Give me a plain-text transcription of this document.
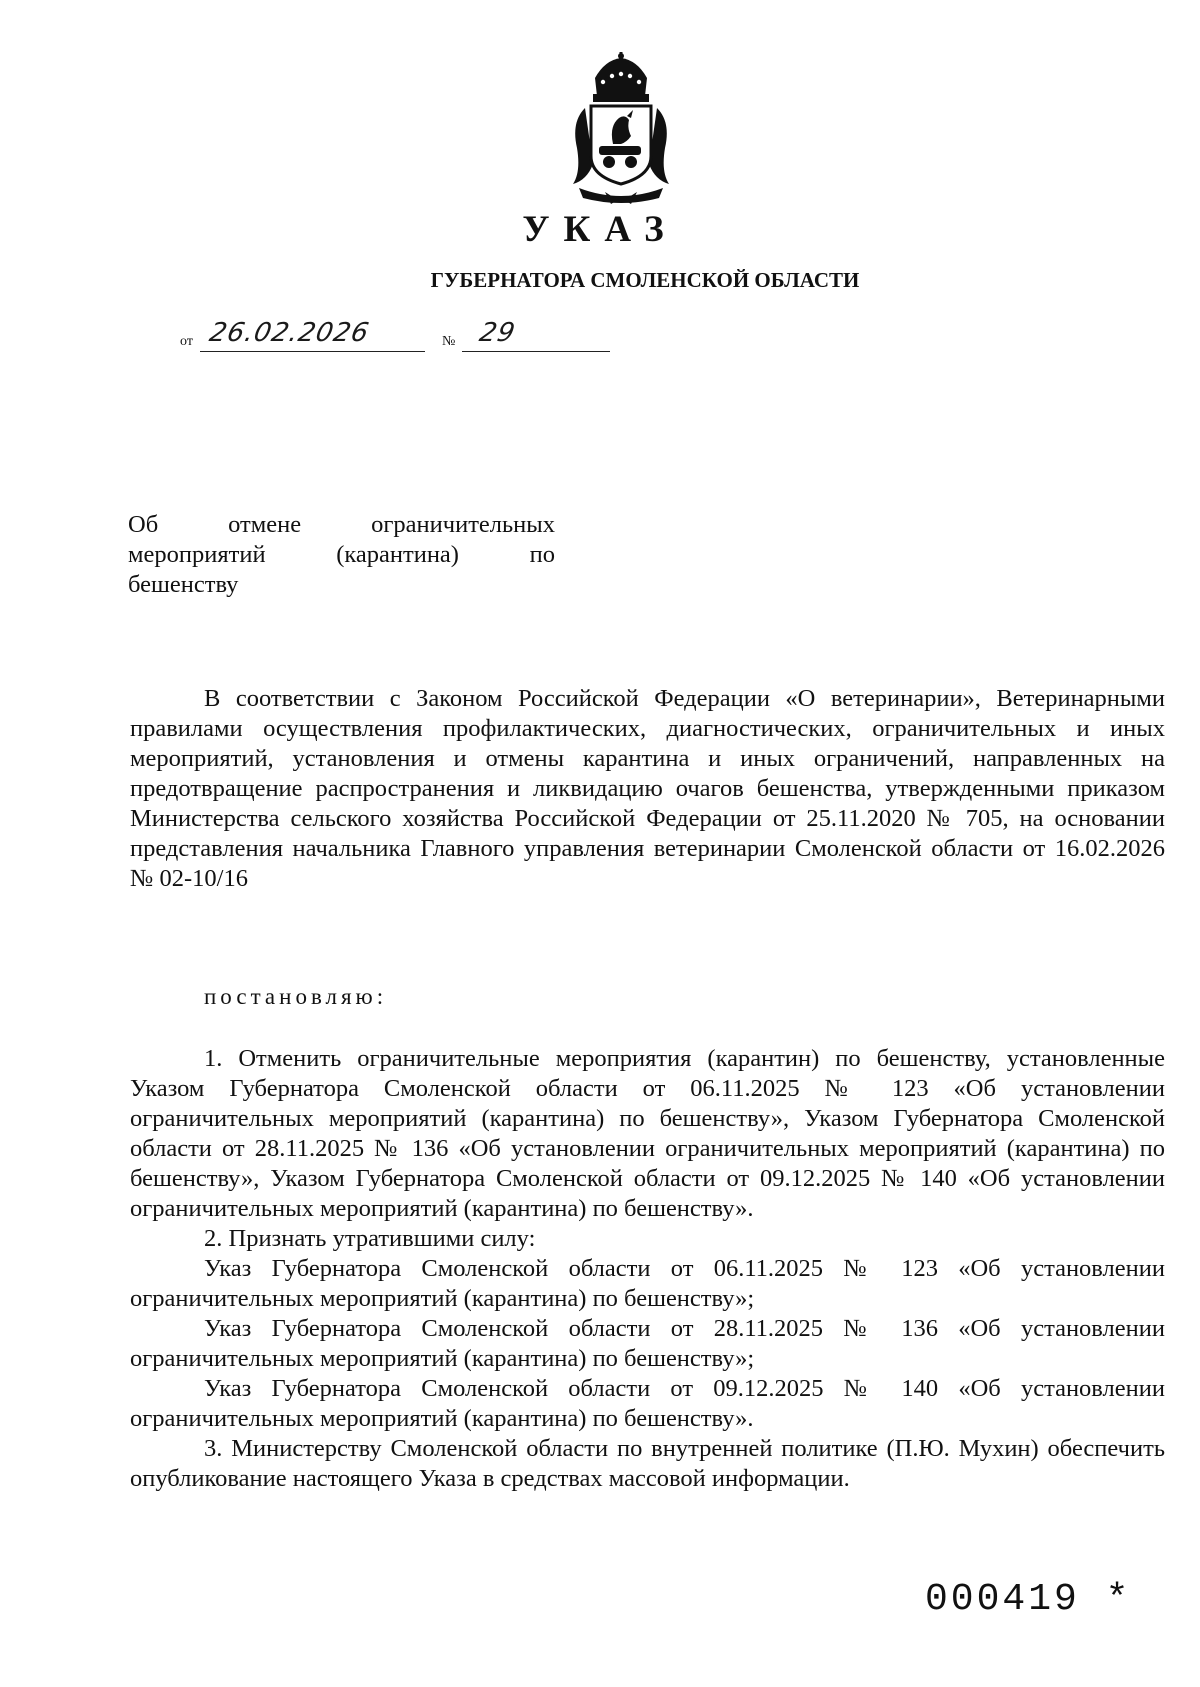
УКАЗ
ГУБЕРНАТОРА СМОЛЕНСКОЙ ОБЛАСТИ
от 26.02.2026	№ 29
Об отмене ограничительных
мероприятий (карантина) по
бешенству

В соответствии с Законом Российской Федерации «О ветеринарии», Ветеринарными правилами осуществления профилактических, диагностических, ограничительных и иных мероприятий, установления и отмены карантина и иных ограничений, направленных на предотвращение распространения и ликвидацию очагов бешенства, утвержденными приказом Министерства сельского хозяйства Российской Федерации от 25.11.2020 № 705, на основании представления начальника Главного управления ветеринарии Смоленской области от 16.02.2026 № 02-10/16

постановляю:

1. Отменить ограничительные мероприятия (карантин) по бешенству, установленные Указом Губернатора Смоленской области от 06.11.2025 № 123 «Об установлении ограничительных мероприятий (карантина) по бешенству», Указом Губернатора Смоленской области от 28.11.2025 № 136 «Об установлении ограничительных мероприятий (карантина) по бешенству», Указом Губернатора Смоленской области от 09.12.2025 № 140 «Об установлении ограничительных мероприятий (карантина) по бешенству».

2. Признать утратившими силу:

Указ Губернатора Смоленской области от 06.11.2025 № 123 «Об установлении ограничительных мероприятий (карантина) по бешенству»;

Указ Губернатора Смоленской области от 28.11.2025 № 136 «Об установлении ограничительных мероприятий (карантина) по бешенству»;

Указ Губернатора Смоленской области от 09.12.2025 № 140 «Об установлении ограничительных мероприятий (карантина) по бешенству».

3. Министерству Смоленской области по внутренней политике (П.Ю. Мухин) обеспечить опубликование настоящего Указа в средствах массовой информации.

000419 *
